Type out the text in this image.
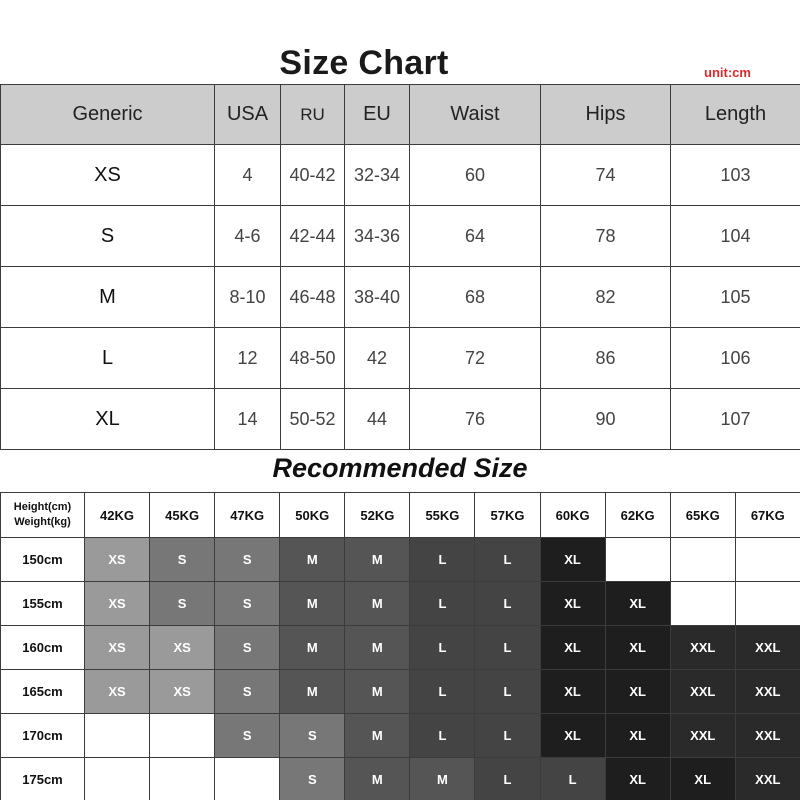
Size Chart	unit:cm
Generic	USA	RU	EU	Waist	Hips	Length
XS	4	40-42	32-34	60	74	103
S	4-6	42-44	34-36	64	78	104
M	8-10	46-48	38-40	68	82	105
L	12	48-50	42	72	86	106
XL	14	50-52	44	76	90	107
Recommended Size
Height(cm)
Weight(kg)	42KG	45KG	47KG	50KG	52KG	55KG	57KG	60KG	62KG	65KG	67KG
150cm	XS	S	S	M	M	L	L	XL			
155cm	XS	S	S	M	M	L	L	XL	XL		
160cm	XS	XS	S	M	M	L	L	XL	XL	XXL	XXL
165cm	XS	XS	S	M	M	L	L	XL	XL	XXL	XXL
170cm			S	S	M	L	L	XL	XL	XXL	XXL
175cm				S	M	M	L	L	XL	XL	XXL
